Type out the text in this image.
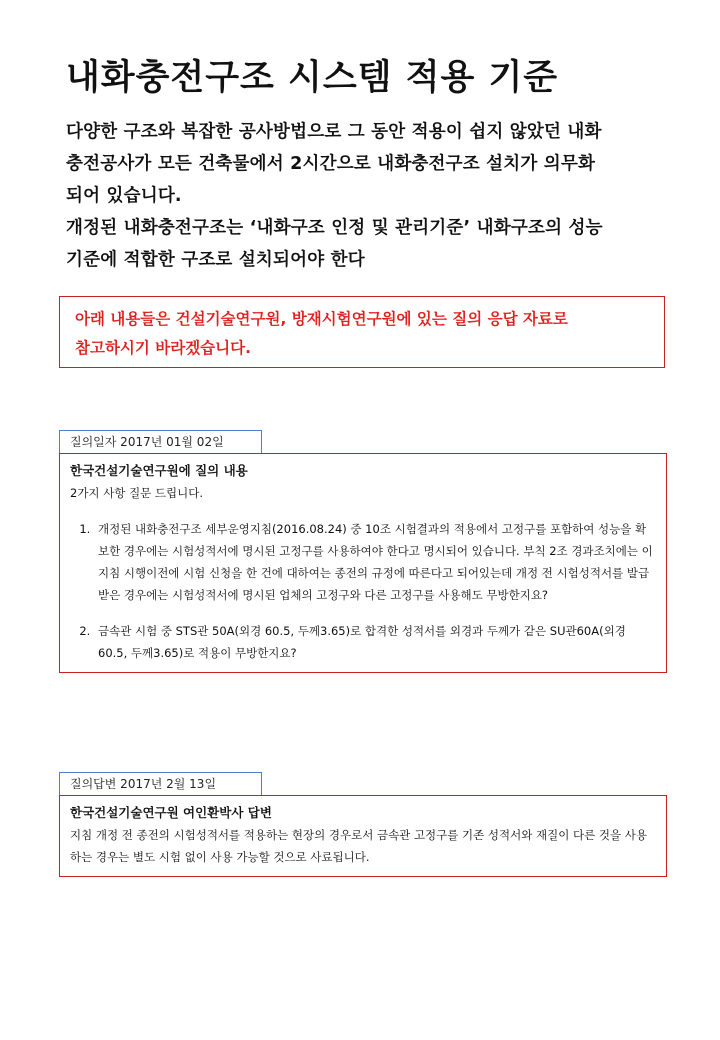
내화충전구조 시스템 적용 기준

다양한 구조와 복잡한 공사방법으로 그 동안 적용이 쉽지 않았던 내화

충전공사가 모든 건축물에서 2시간으로 내화충전구조 설치가 의무화

되어 있습니다.

개정된 내화충전구조는 ‘내화구조 인정 및 관리기준’ 내화구조의 성능

기준에 적합한 구조로 설치되어야 한다

아래 내용들은 건설기술연구원, 방재시험연구원에 있는 질의 응답 자료로

참고하시기 바라겠습니다.

질의일자 2017년 01월 02일

한국건설기술연구원에 질의 내용

2가지 사항 질문 드립니다.

1. 개정된 내화충전구조 세부운영지침(2016.08.24) 중 10조 시험결과의 적용에서 고정구를 포함하여 성능을 확보한 경우에는 시험성적서에 명시된 고정구를 사용하여야 한다고 명시되어 있습니다. 부칙 2조 경과조치에는 이 지침 시행이전에 시험 신청을 한 건에 대하여는 종전의 규정에 따른다고 되어있는데 개정 전 시험성적서를 발급 받은 경우에는 시험성적서에 명시된 업체의 고정구와 다른 고정구를 사용해도 무방한지요?
2. 금속관 시험 중 STS관 50A(외경 60.5, 두께3.65)로 합격한 성적서를 외경과 두께가 같은 SU관60A(외경 60.5, 두께3.65)로 적용이 무방한지요?
질의답변 2017년 2월 13일

한국건설기술연구원 여인환박사 답변

지침 개정 전 종전의 시험성적서를 적용하는 현장의 경우로서 금속관 고정구를 기존 성적서와 재질이 다른 것을 사용하는 경우는 별도 시험 없이 사용 가능할 것으로 사료됩니다.
